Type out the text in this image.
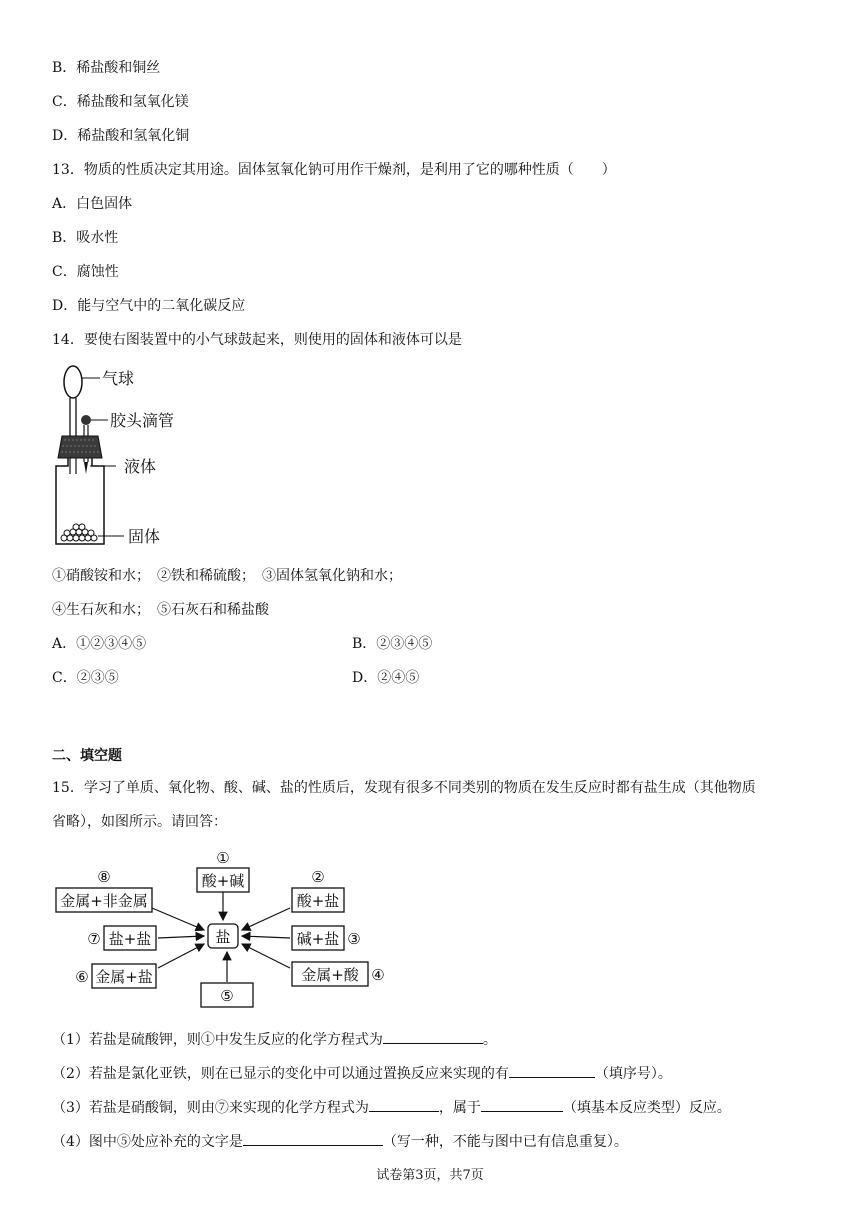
B．稀盐酸和铜丝
C．稀盐酸和氢氧化镁
D．稀盐酸和氢氧化铜
13．物质的性质决定其用途。固体氢氧化钠可用作干燥剂，是利用了它的哪种性质（　　）
A．白色固体
B．吸水性
C．腐蚀性
D．能与空气中的二氧化碳反应
14．要使右图装置中的小气球鼓起来，则使用的固体和液体可以是
气球
胶头滴管
液体
固体
①硝酸铵和水；　②铁和稀硫酸；　③固体氢氧化钠和水；
④生石灰和水；　⑤石灰石和稀盐酸
A．①②③④⑤	B．②③④⑤
C．②③⑤	D．②④⑤
二、填空题
15．学习了单质、氧化物、酸、碱、盐的性质后，发现有很多不同类别的物质在发生反应时都有盐生成（其他物质
省略），如图所示。请回答：
盐
①
酸+碱	②
酸+盐
碱+盐 ③
金属+酸 ④
⑤
⑥ 金属+盐
⑦ 盐+盐
⑧
金属+非金属
（1）若盐是硫酸钾，则①中发生反应的化学方程式为	。
（2）若盐是氯化亚铁，则在已显示的变化中可以通过置换反应来实现的有	（填序号）。
（3）若盐是硝酸铜，则由⑦来实现的化学方程式为	，属于	（填基本反应类型）反应。
（4）图中⑤处应补充的文字是	（写一种，不能与图中已有信息重复）。
试卷第3页，共7页
